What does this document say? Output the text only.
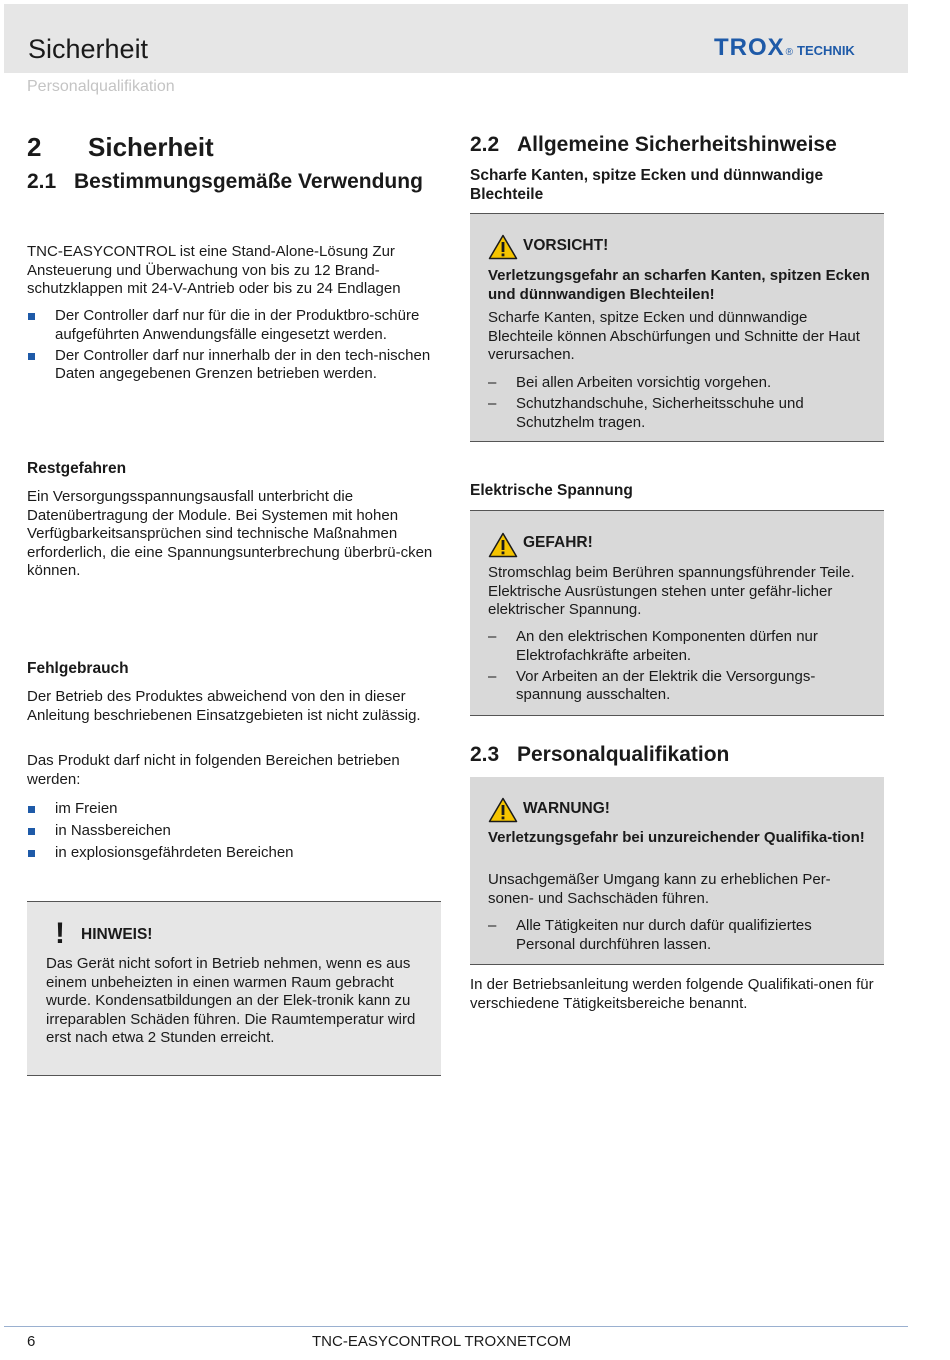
Sicherheit	TROX ® TECHNIK
Personalqualifikation
2 Sicherheit
2.1 Bestimmungsgemäße Verwendung
TNC-EASYCONTROL ist eine Stand-Alone-Lösung Zur Ansteuerung und Überwachung von bis zu 12 Brand-schutzklappen mit 24-V-Antrieb oder bis zu 24 Endlagen
Der Controller darf nur für die in der Produktbro-schüre aufgeführten Anwendungsfälle eingesetzt werden.
Der Controller darf nur innerhalb der in den tech-nischen Daten angegebenen Grenzen betrieben werden.
Restgefahren
Ein Versorgungsspannungsausfall unterbricht die Datenübertragung der Module. Bei Systemen mit hohen Verfügbarkeitsansprüchen sind technische Maßnahmen erforderlich, die eine Spannungsunterbrechung überbrü-cken können.
Fehlgebrauch
Der Betrieb des Produktes abweichend von den in dieser Anleitung beschriebenen Einsatzgebieten ist nicht zulässig.
Das Produkt darf nicht in folgenden Bereichen betrieben werden:
im Freien
in Nassbereichen
in explosionsgefährdeten Bereichen
! HINWEIS!
Das Gerät nicht sofort in Betrieb nehmen, wenn es aus einem unbeheizten in einen warmen Raum gebracht wurde. Kondensatbildungen an der Elek-tronik kann zu irreparablen Schäden führen. Die Raumtemperatur wird erst nach etwa 2 Stunden erreicht.
2.2 Allgemeine Sicherheitshinweise
Scharfe Kanten, spitze Ecken und dünnwandige Blechteile
VORSICHT!
Verletzungsgefahr an scharfen Kanten, spitzen Ecken und dünnwandigen Blechteilen!
Scharfe Kanten, spitze Ecken und dünnwandige Blechteile können Abschürfungen und Schnitte der Haut verursachen.
– Bei allen Arbeiten vorsichtig vorgehen.
– Schutzhandschuhe, Sicherheitsschuhe und Schutzhelm tragen.
Elektrische Spannung
GEFAHR!
Stromschlag beim Berühren spannungsführender Teile. Elektrische Ausrüstungen stehen unter gefähr-licher elektrischer Spannung.
– An den elektrischen Komponenten dürfen nur Elektrofachkräfte arbeiten.
– Vor Arbeiten an der Elektrik die Versorgungs-spannung ausschalten.
2.3 Personalqualifikation
WARNUNG!
Verletzungsgefahr bei unzureichender Qualifika-tion!
Unsachgemäßer Umgang kann zu erheblichen Per-sonen- und Sachschäden führen.
– Alle Tätigkeiten nur durch dafür qualifiziertes Personal durchführen lassen.
In der Betriebsanleitung werden folgende Qualifikati-onen für verschiedene Tätigkeitsbereiche benannt.
6	TNC-EASYCONTROL TROXNETCOM
